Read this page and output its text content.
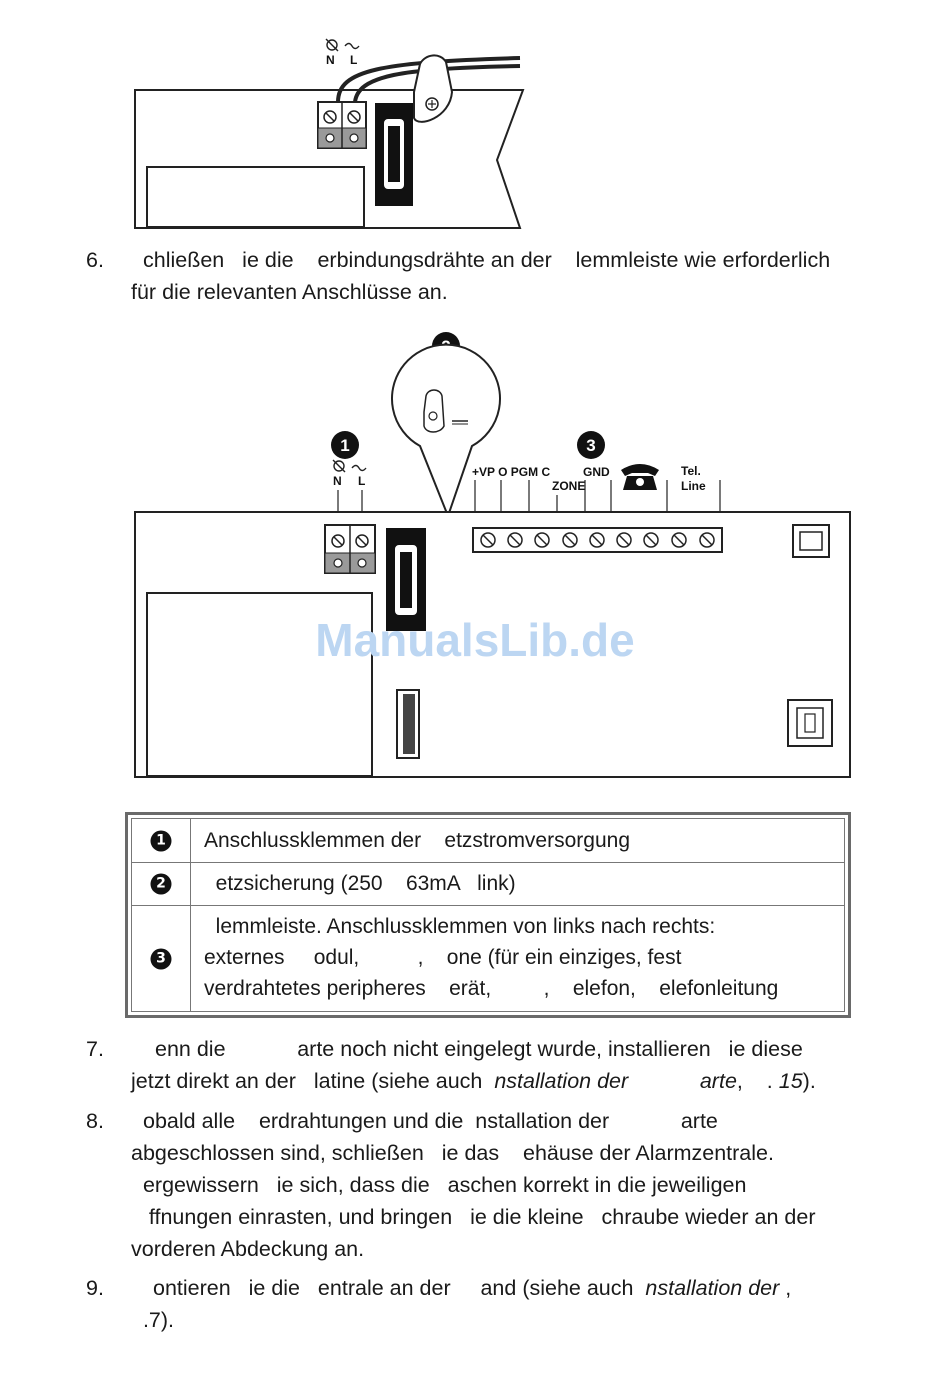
N L
6. chließen   ie die    erbindungsdrähte an der    lemmleiste wie erforderlich
für die relevanten Anschlüsse an.
1	3
N L
+VP O PGM C	GND
ZONE
Tel.
Line
ManualsLib.de
1 Anschlussklemmen der    etzstromversorgung
2 etzsicherung (250    63mA   link)
3
lemmleiste. Anschlussklemmen von links nach rechts:
externes     odul,          ,    one (für ein einziges, fest
verdrahtetes peripheres    erät,         ,    elefon,    elefonleitung
7. enn die            arte noch nicht eingelegt wurde, installieren   ie diese
jetzt direkt an der   latine (siehe auch  nstallation der            arte,    . 15).
8. obald alle    erdrahtungen und die  nstallation der            arte
abgeschlossen sind, schließen   ie das    ehäuse der Alarmzentrale.
ergewissern   ie sich, dass die   aschen korrekt in die jeweiligen
ffnungen einrasten, und bringen   ie die kleine   chraube wieder an der
vorderen Abdeckung an.
9. ontieren   ie die   entrale an der     and (siehe auch  nstallation der ,
.7).
